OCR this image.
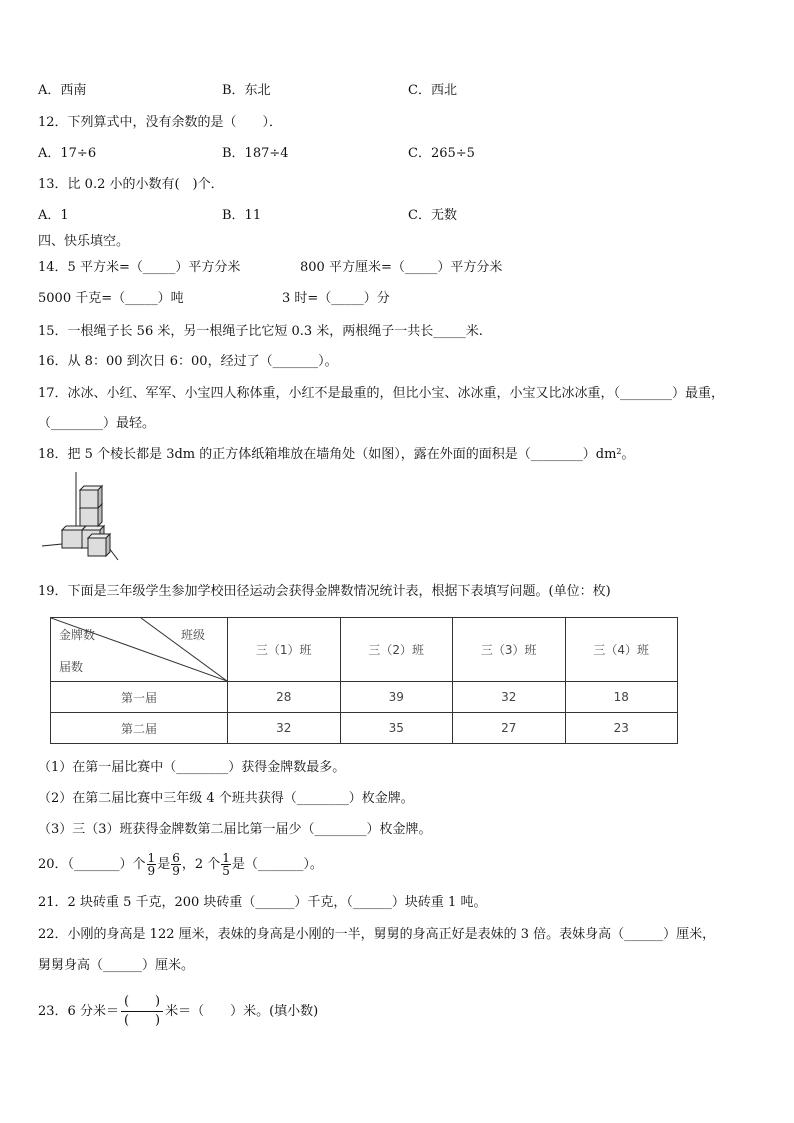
A．西南	B．东北	C．西北
12．下列算式中，没有余数的是（　　）．
A．17÷6	B．187÷4	C．265÷5
13．比 0.2 小的小数有(　)个．
A．1	B．11	C．无数
四、快乐填空。
14．5 平方米=（_____）平方分米	800 平方厘米=（_____）平方分米
5000 千克=（_____）吨	3 时=（_____）分
15．一根绳子长 56 米，另一根绳子比它短 0.3 米，两根绳子一共长_____米.
16．从 8：00 到次日 6：00，经过了（_______）。
17．冰冰、小红、军军、小宝四人称体重，小红不是最重的，但比小宝、冰冰重，小宝又比冰冰重，（________）最重，
（________）最轻。
18．把 5 个棱长都是 3dm 的正方体纸箱堆放在墙角处（如图），露在外面的面积是$(\_\_\_\_\_\_\_\_)dm^2$。
19．下面是三年级学生参加学校田径运动会获得金牌数情况统计表，根据下表填写问题。(单位：枚)
金牌数 班级
届数	三（1）班	三（2）班	三（3）班	三（4）班
第一届	28	39	32	18
第二届	32	35	27	23
（1）在第一届比赛中（________）获得金牌数最多。
（2）在第二届比赛中三年级 4 个班共获得（________）枚金牌。
（3）三（3）班获得金牌数第二届比第一届少（________）枚金牌。
20．（_______）个 $\frac{1}{9}$ 是 $\frac{6}{9}$ ，2 个 $\frac{1}{5}$ 是（_______）。
21．2 块砖重 5 千克，200 块砖重（______）千克，（______）块砖重 1 吨。
22．小刚的身高是 122 厘米，表妹的身高是小刚的一半，舅舅的身高正好是表妹的 3 倍。表妹身高（______）厘米，
舅舅身高（______）厘米。
23．6 分米＝ $\frac{( )}{( )}$ 米＝（　　）米。(填小数)
